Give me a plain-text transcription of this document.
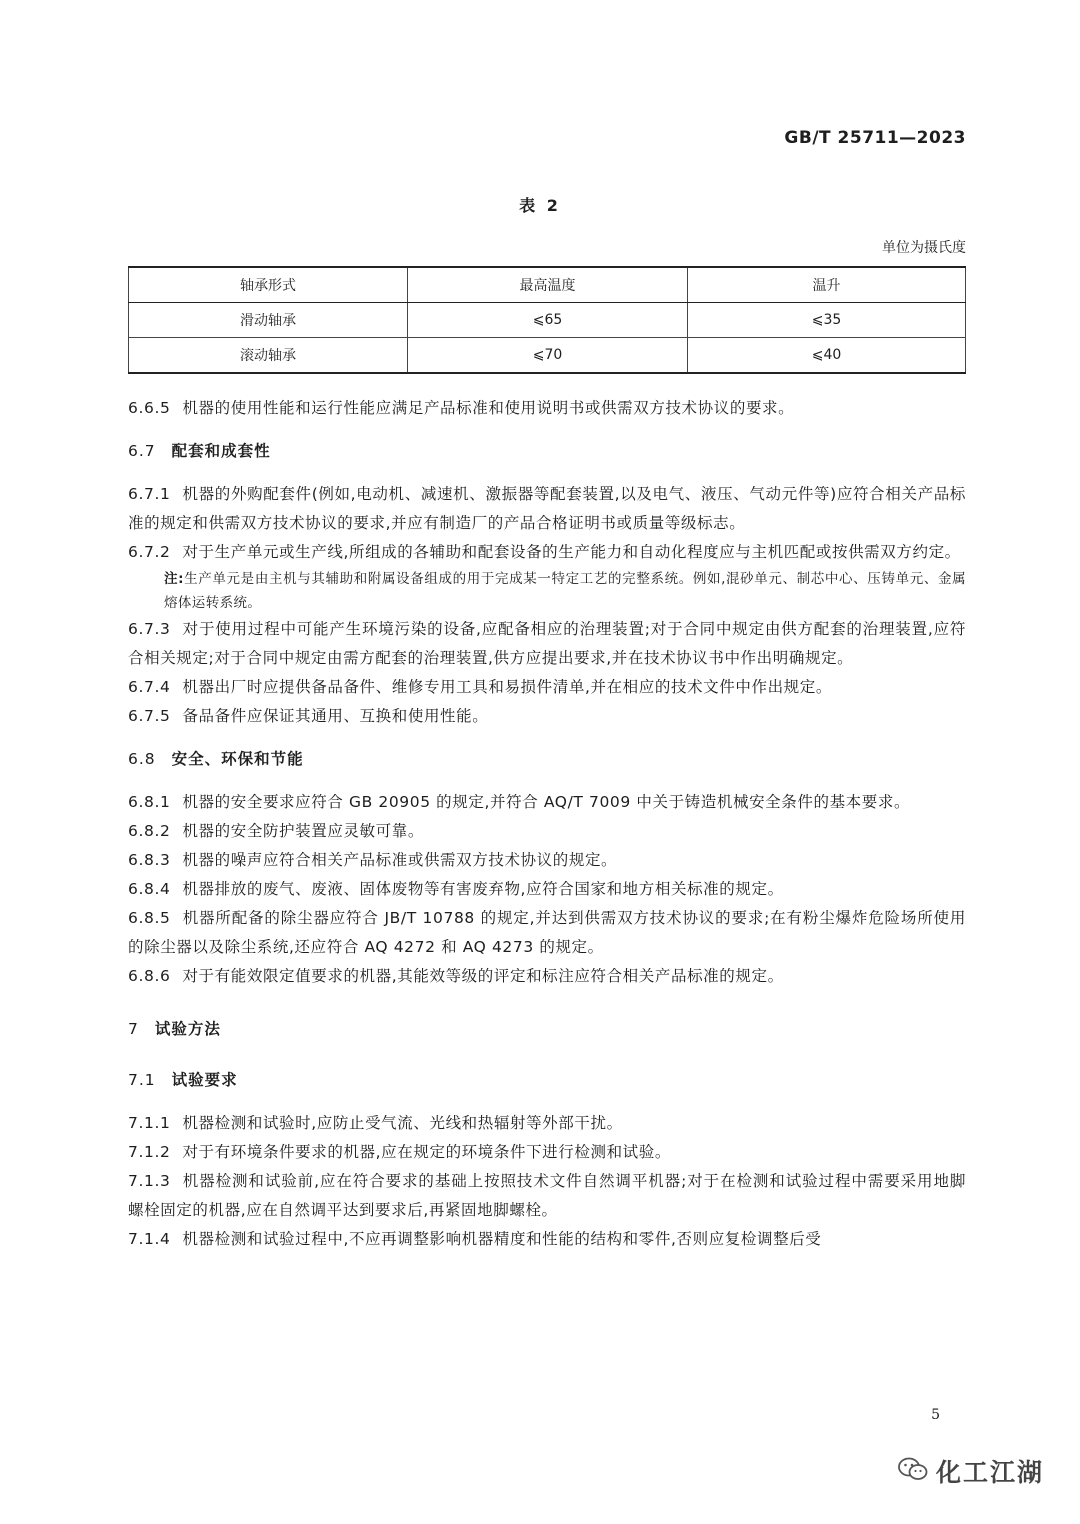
GB/T 25711—2023
表 2
单位为摄氏度
轴承形式	最高温度	温升
滑动轴承	⩽65	⩽35
滚动轴承	⩽70	⩽40

6.6.5 机器的使用性能和运行性能应满足产品标准和使用说明书或供需双方技术协议的要求。

6.7 配套和成套性

6.7.1 机器的外购配套件(例如,电动机、减速机、激振器等配套装置,以及电气、液压、气动元件等)应符合相关产品标准的规定和供需双方技术协议的要求,并应有制造厂的产品合格证明书或质量等级标志。

6.7.2 对于生产单元或生产线,所组成的各辅助和配套设备的生产能力和自动化程度应与主机匹配或按供需双方约定。

注:生产单元是由主机与其辅助和附属设备组成的用于完成某一特定工艺的完整系统。例如,混砂单元、制芯中心、压铸单元、金属熔体运转系统。

6.7.3 对于使用过程中可能产生环境污染的设备,应配备相应的治理装置;对于合同中规定由供方配套的治理装置,应符合相关规定;对于合同中规定由需方配套的治理装置,供方应提出要求,并在技术协议书中作出明确规定。

6.7.4 机器出厂时应提供备品备件、维修专用工具和易损件清单,并在相应的技术文件中作出规定。

6.7.5 备品备件应保证其通用、互换和使用性能。

6.8 安全、环保和节能

6.8.1 机器的安全要求应符合 GB 20905 的规定,并符合 AQ/T 7009 中关于铸造机械安全条件的基本要求。

6.8.2 机器的安全防护装置应灵敏可靠。

6.8.3 机器的噪声应符合相关产品标准或供需双方技术协议的规定。

6.8.4 机器排放的废气、废液、固体废物等有害废弃物,应符合国家和地方相关标准的规定。

6.8.5 机器所配备的除尘器应符合 JB/T 10788 的规定,并达到供需双方技术协议的要求;在有粉尘爆炸危险场所使用的除尘器以及除尘系统,还应符合 AQ 4272 和 AQ 4273 的规定。

6.8.6 对于有能效限定值要求的机器,其能效等级的评定和标注应符合相关产品标准的规定。

7 试验方法

7.1 试验要求

7.1.1 机器检测和试验时,应防止受气流、光线和热辐射等外部干扰。

7.1.2 对于有环境条件要求的机器,应在规定的环境条件下进行检测和试验。

7.1.3 机器检测和试验前,应在符合要求的基础上按照技术文件自然调平机器;对于在检测和试验过程中需要采用地脚螺栓固定的机器,应在自然调平达到要求后,再紧固地脚螺栓。

7.1.4 机器检测和试验过程中,不应再调整影响机器精度和性能的结构和零件,否则应复检调整后受

5
化工江湖
